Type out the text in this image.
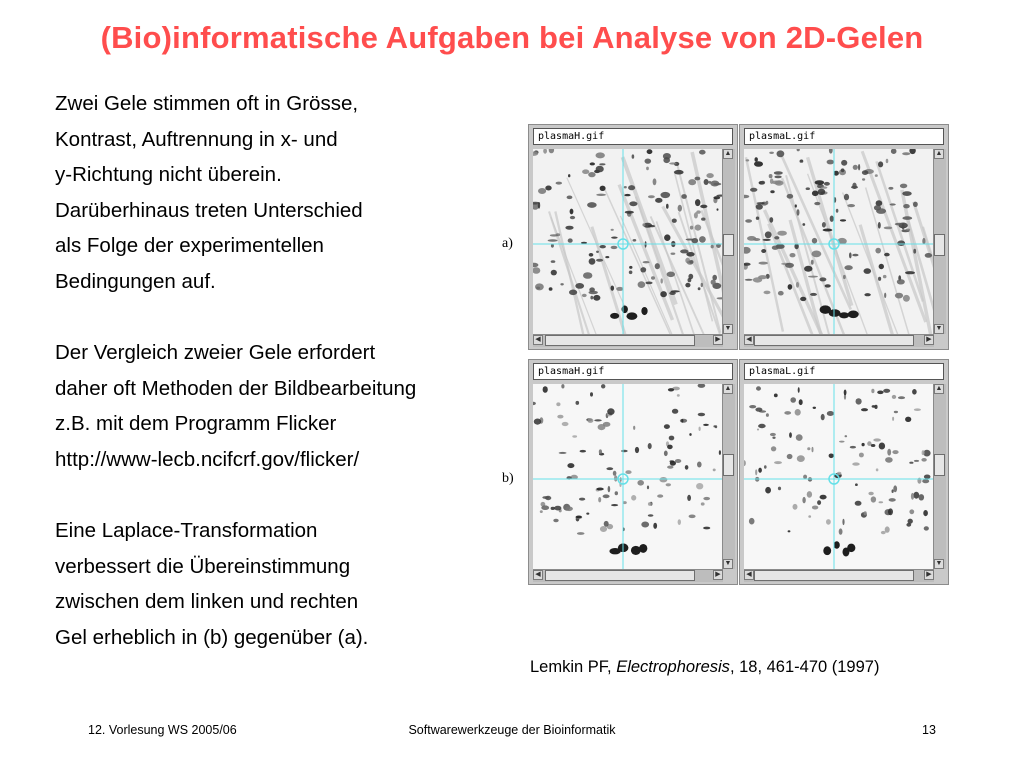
(Bio)informatische Aufgaben bei Analyse von 2D-Gelen
Zwei Gele stimmen oft in Grösse,
Kontrast, Auftrennung in x- und
y-Richtung nicht überein.
Darüberhinaus treten Unterschied
als Folge der experimentellen
Bedingungen auf.
Der Vergleich zweier Gele erfordert
daher oft Methoden der Bildbearbeitung
z.B. mit dem Programm Flicker
http://www-lecb.ncifcrf.gov/flicker/
Eine Laplace-Transformation
verbessert die Übereinstimmung
zwischen dem linken und rechten
Gel erheblich in (b) gegenüber (a).
a)
b)
plasmaH.gif
▲
▼
◀	▶
plasmaL.gif
▲
▼
◀	▶
plasmaH.gif
▲
▼
◀	▶
plasmaL.gif
▲
▼
◀	▶
Lemkin PF, Electrophoresis, 18, 461-470 (1997)
12. Vorlesung WS 2005/06	Softwarewerkzeuge der Bioinformatik	13
